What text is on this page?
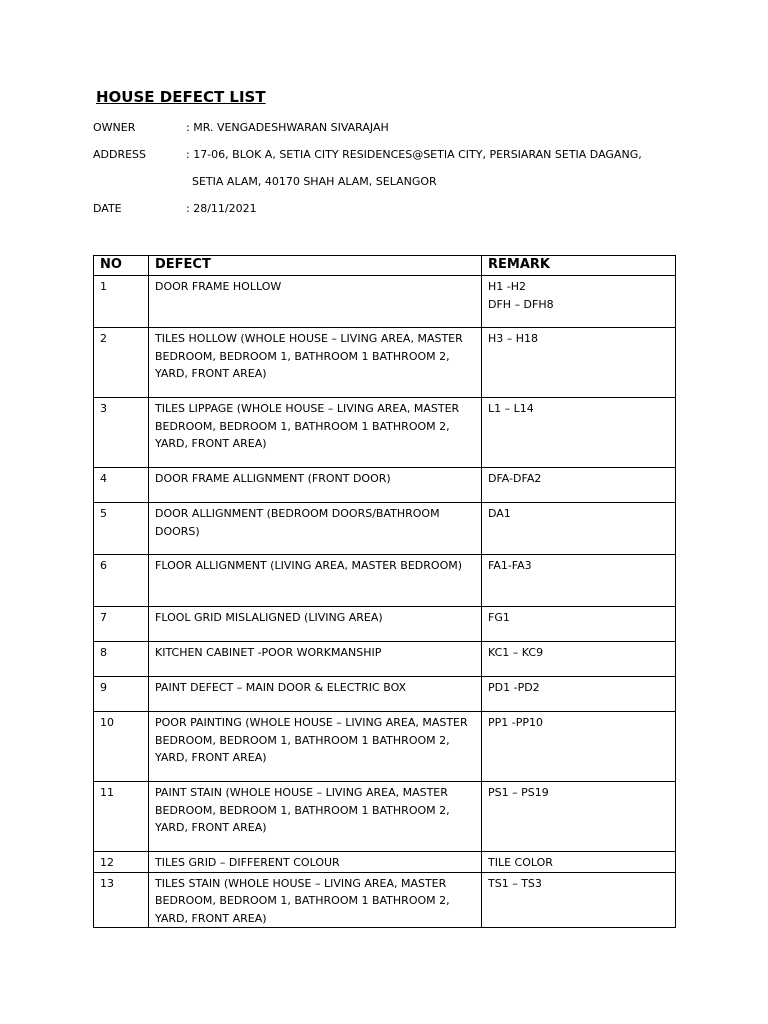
HOUSE DEFECT LIST
OWNER	: MR. VENGADESHWARAN SIVARAJAH
ADDRESS	: 17-06, BLOK A, SETIA CITY RESIDENCES@SETIA CITY, PERSIARAN SETIA DAGANG,
SETIA ALAM, 40170 SHAH ALAM, SELANGOR
DATE	: 28/11/2021
NO	DEFECT	REMARK
1	DOOR FRAME HOLLOW	H1 -H2
DFH – DFH8

2	TILES HOLLOW (WHOLE HOUSE – LIVING AREA, MASTER BEDROOM, BEDROOM 1, BATHROOM 1 BATHROOM 2, YARD, FRONT AREA)	H3 – H18

3	TILES LIPPAGE (WHOLE HOUSE – LIVING AREA, MASTER BEDROOM, BEDROOM 1, BATHROOM 1 BATHROOM 2, YARD, FRONT AREA)	L1 – L14

4	DOOR FRAME ALLIGNMENT (FRONT DOOR)	DFA-DFA2

5	DOOR ALLIGNMENT (BEDROOM DOORS/BATHROOM DOORS)	DA1

6	FLOOR ALLIGNMENT (LIVING AREA, MASTER BEDROOM)	FA1-FA3

7	FLOOL GRID MISLALIGNED (LIVING AREA)	FG1

8	KITCHEN CABINET -POOR WORKMANSHIP	KC1 – KC9

9	PAINT DEFECT – MAIN DOOR & ELECTRIC BOX	PD1 -PD2

10	POOR PAINTING (WHOLE HOUSE – LIVING AREA, MASTER BEDROOM, BEDROOM 1, BATHROOM 1 BATHROOM 2, YARD, FRONT AREA)	PP1 -PP10

11	PAINT STAIN (WHOLE HOUSE – LIVING AREA, MASTER BEDROOM, BEDROOM 1, BATHROOM 1 BATHROOM 2, YARD, FRONT AREA)	PS1 – PS19

12	TILES GRID – DIFFERENT COLOUR	TILE COLOR

13	TILES STAIN (WHOLE HOUSE – LIVING AREA, MASTER BEDROOM, BEDROOM 1, BATHROOM 1 BATHROOM 2, YARD, FRONT AREA)	TS1 – TS3
